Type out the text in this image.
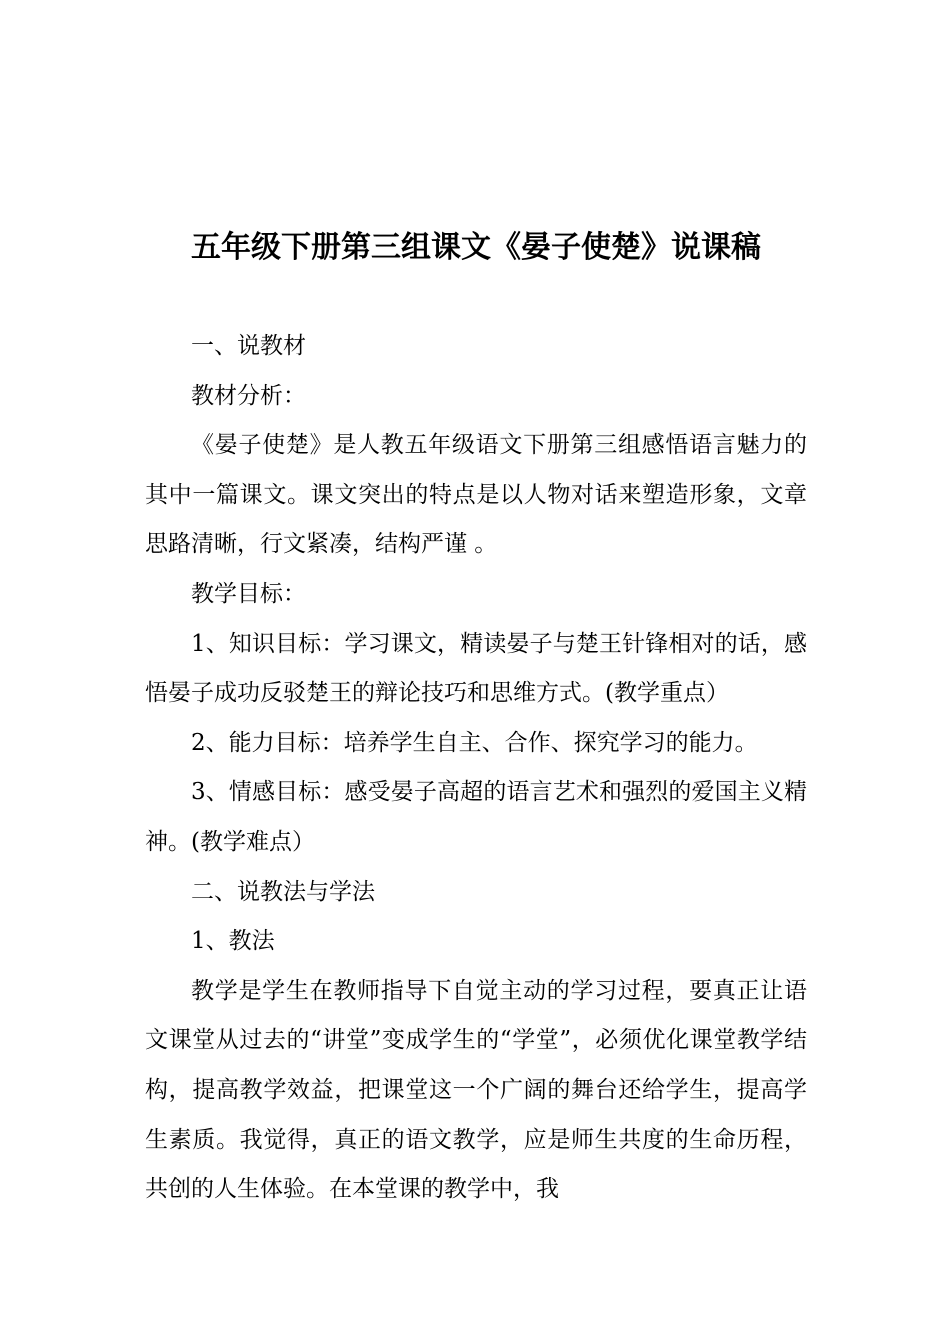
五年级下册第三组课文《晏子使楚》说课稿

一、说教材

教材分析：

《晏子使楚》是人教五年级语文下册第三组感悟语言魅力的其中一篇课文。课文突出的特点是以人物对话来塑造形象，文章思路清晰，行文紧凑，结构严谨 。

教学目标：

1、知识目标：学习课文，精读晏子与楚王针锋相对的话，感悟晏子成功反驳楚王的辩论技巧和思维方式。(教学重点）

2、能力目标：培养学生自主、合作、探究学习的能力。

3、情感目标：感受晏子高超的语言艺术和强烈的爱国主义精神。(教学难点）

二、说教法与学法

1、教法

教学是学生在教师指导下自觉主动的学习过程，要真正让语文课堂从过去的“讲堂”变成学生的“学堂”，必须优化课堂教学结构，提高教学效益，把课堂这一个广阔的舞台还给学生，提高学生素质。我觉得，真正的语文教学，应是师生共度的生命历程，共创的人生体验。在本堂课的教学中，我
